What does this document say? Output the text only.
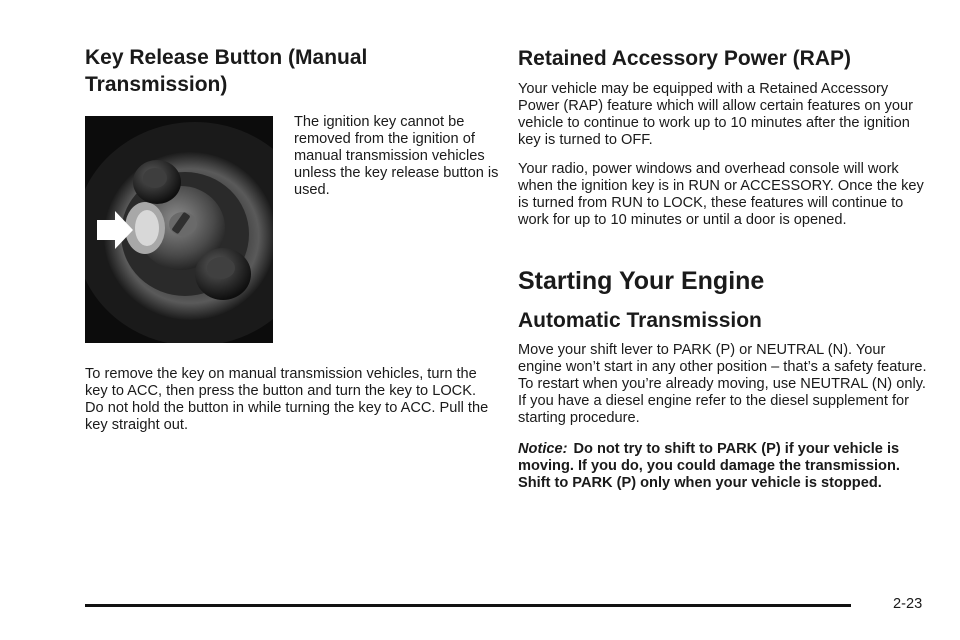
Key Release Button (Manual Transmission)

The ignition key cannot be removed from the ignition of manual transmission vehicles unless the key release button is used.

To remove the key on manual transmission vehicles, turn the key to ACC, then press the button and turn the key to LOCK. Do not hold the button in while turning the key to ACC. Pull the key straight out.

Retained Accessory Power (RAP)

Your vehicle may be equipped with a Retained Accessory Power (RAP) feature which will allow certain features on your vehicle to continue to work up to 10 minutes after the ignition key is turned to OFF.

Your radio, power windows and overhead console will work when the ignition key is in RUN or ACCESSORY. Once the key is turned from RUN to LOCK, these features will continue to work for up to 10 minutes or until a door is opened.

Starting Your Engine
Automatic Transmission

Move your shift lever to PARK (P) or NEUTRAL (N). Your engine won’t start in any other position – that’s a safety feature. To restart when you’re already moving, use NEUTRAL (N) only. If you have a diesel engine refer to the diesel supplement for starting procedure.

Notice: Do not try to shift to PARK (P) if your vehicle is moving. If you do, you could damage the transmission. Shift to PARK (P) only when your vehicle is stopped.

2-23
